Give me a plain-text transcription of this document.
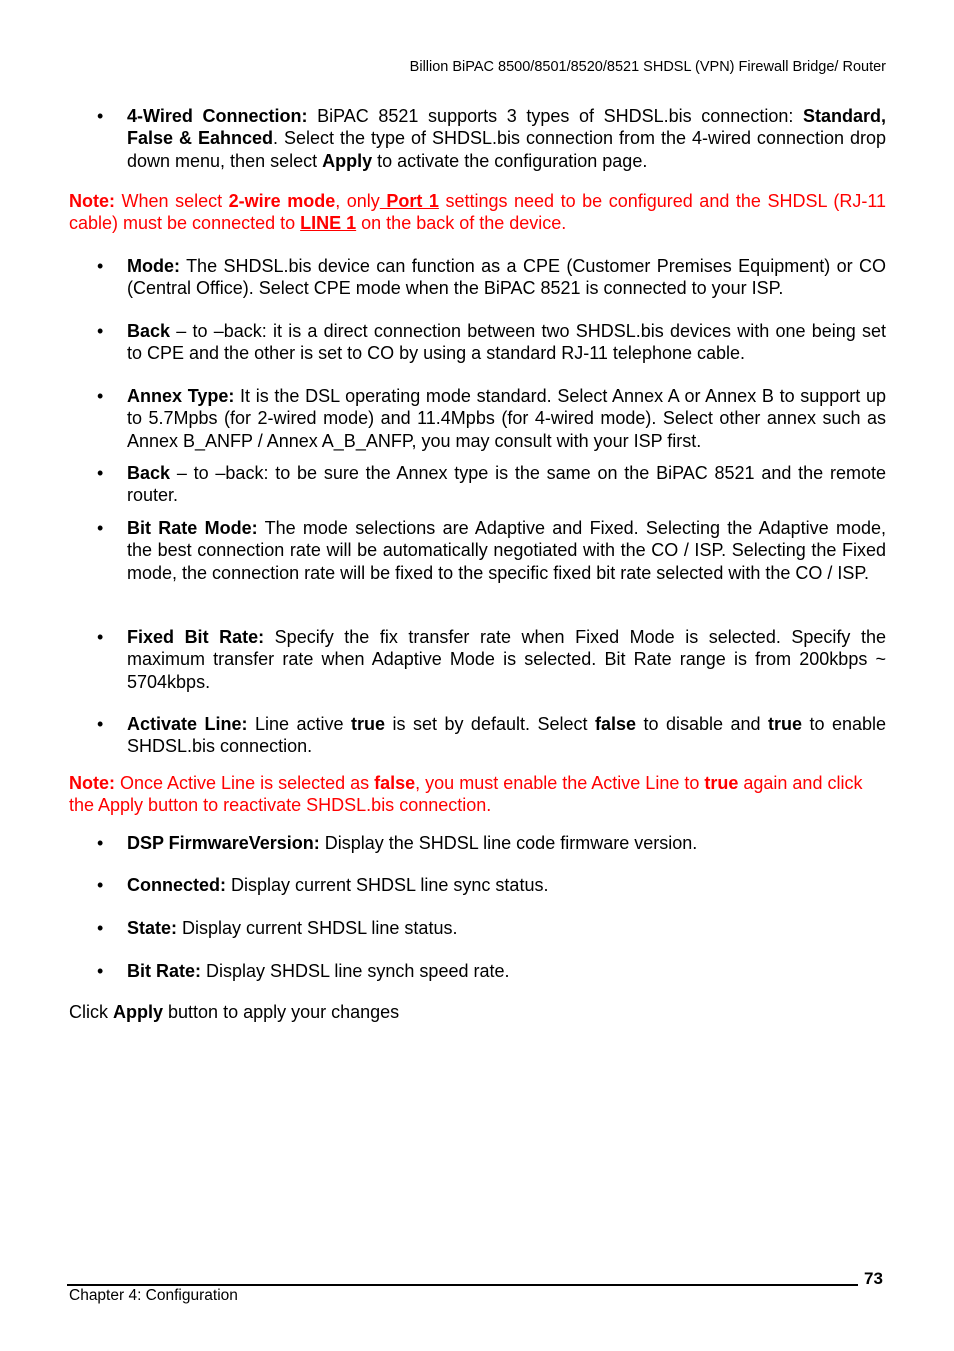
Billion BiPAC 8500/8501/8520/8521 SHDSL (VPN) Firewall Bridge/ Router
• 4-Wired Connection: BiPAC 8521 supports 3 types of SHDSL.bis connection: Standard, False & Eahnced. Select the type of SHDSL.bis connection from the 4-wired connection drop down menu, then select Apply to activate the configuration page.
Note: When select 2-wire mode, only Port 1 settings need to be configured and the SHDSL (RJ-11 cable) must be connected to LINE 1 on the back of the device.
• Mode: The SHDSL.bis device can function as a CPE (Customer Premises Equipment) or CO (Central Office). Select CPE mode when the BiPAC 8521 is connected to your ISP.
• Back – to –back: it is a direct connection between two SHDSL.bis devices with one being set to CPE and the other is set to CO by using a standard RJ-11 telephone cable.
• Annex Type: It is the DSL operating mode standard. Select Annex A or Annex B to support up to 5.7Mpbs (for 2-wired mode) and 11.4Mpbs (for 4-wired mode). Select other annex such as Annex B_ANFP / Annex A_B_ANFP, you may consult with your ISP first.
• Back – to –back: to be sure the Annex type is the same on the BiPAC 8521 and the remote router.
• Bit Rate Mode: The mode selections are Adaptive and Fixed. Selecting the Adaptive mode, the best connection rate will be automatically negotiated with the CO / ISP. Selecting the Fixed mode, the connection rate will be fixed to the specific fixed bit rate selected with the CO / ISP.
• Fixed Bit Rate: Specify the fix transfer rate when Fixed Mode is selected. Specify the maximum transfer rate when Adaptive Mode is selected. Bit Rate range is from 200kbps ~ 5704kbps.
• Activate Line: Line active true is set by default. Select false to disable and true to enable SHDSL.bis connection.
Note: Once Active Line is selected as false, you must enable the Active Line to true again and click the Apply button to reactivate SHDSL.bis connection.
• DSP FirmwareVersion: Display the SHDSL line code firmware version.
• Connected: Display current SHDSL line sync status.
• State: Display current SHDSL line status.
• Bit Rate: Display SHDSL line synch speed rate.
Click Apply button to apply your changes
73
Chapter 4: Configuration
